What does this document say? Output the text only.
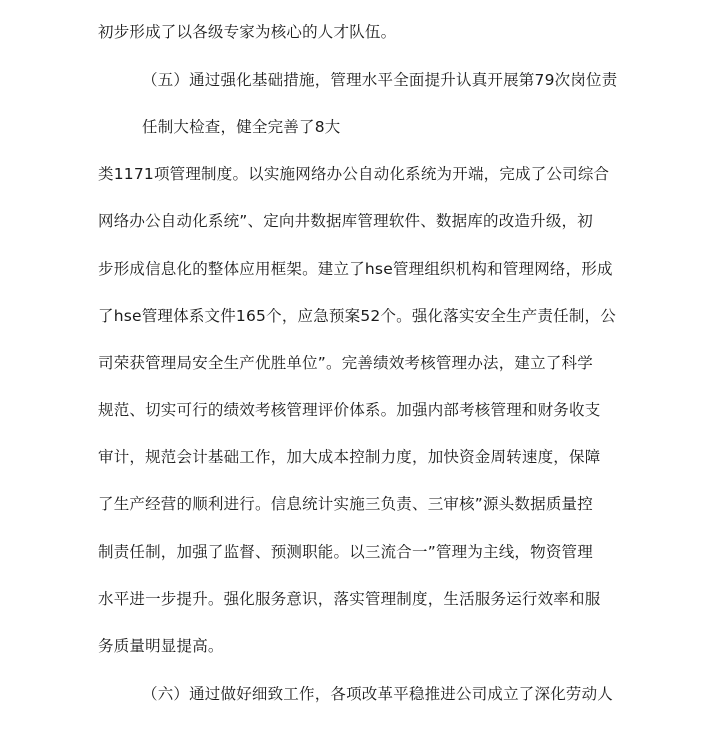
初步形成了以各级专家为核心的人才队伍。
（五）通过强化基础措施，管理水平全面提升认真开展第79次岗位责
任制大检查，健全完善了8大
类1171项管理制度。以实施网络办公自动化系统为开端，完成了公司综合
网络办公自动化系统”、定向井数据库管理软件、数据库的改造升级，初
步形成信息化的整体应用框架。建立了hse管理组织机构和管理网络，形成
了hse管理体系文件165个，应急预案52个。强化落实安全生产责任制，公
司荣获管理局安全生产优胜单位”。完善绩效考核管理办法，建立了科学
规范、切实可行的绩效考核管理评价体系。加强内部考核管理和财务收支
审计，规范会计基础工作，加大成本控制力度，加快资金周转速度，保障
了生产经营的顺利进行。信息统计实施三负责、三审核”源头数据质量控
制责任制，加强了监督、预测职能。以三流合一”管理为主线，物资管理
水平进一步提升。强化服务意识，落实管理制度，生活服务运行效率和服
务质量明显提高。
（六）通过做好细致工作，各项改革平稳推进公司成立了深化劳动人
